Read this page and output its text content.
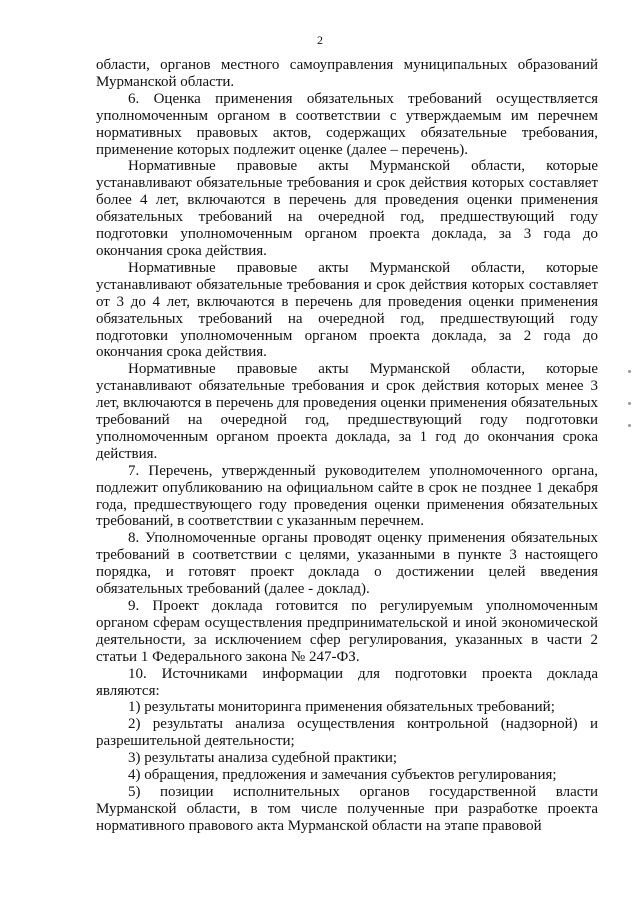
2

области, органов местного самоуправления муниципальных образований Мурманской области.

6. Оценка применения обязательных требований осуществляется уполномоченным органом в соответствии с утверждаемым им перечнем нормативных правовых актов, содержащих обязательные требования, применение которых подлежит оценке (далее – перечень).

Нормативные правовые акты Мурманской области, которые устанавливают обязательные требования и срок действия которых составляет более 4 лет, включаются в перечень для проведения оценки применения обязательных требований на очередной год, предшествующий году подготовки уполномоченным органом проекта доклада, за 3 года до окончания срока действия.

Нормативные правовые акты Мурманской области, которые устанавливают обязательные требования и срок действия которых составляет от 3 до 4 лет, включаются в перечень для проведения оценки применения обязательных требований на очередной год, предшествующий году подготовки уполномоченным органом проекта доклада, за 2 года до окончания срока действия.

Нормативные правовые акты Мурманской области, которые устанавливают обязательные требования и срок действия которых менее 3 лет, включаются в перечень для проведения оценки применения обязательных требований на очередной год, предшествующий году подготовки уполномоченным органом проекта доклада, за 1 год до окончания срока действия.

7. Перечень, утвержденный руководителем уполномоченного органа, подлежит опубликованию на официальном сайте в срок не позднее 1 декабря года, предшествующего году проведения оценки применения обязательных требований, в соответствии с указанным перечнем.

8. Уполномоченные органы проводят оценку применения обязательных требований в соответствии с целями, указанными в пункте 3 настоящего порядка, и готовят проект доклада о достижении целей введения обязательных требований (далее - доклад).

9. Проект доклада готовится по регулируемым уполномоченным органом сферам осуществления предпринимательской и иной экономической деятельности, за исключением сфер регулирования, указанных в части 2 статьи 1 Федерального закона № 247-ФЗ.

10. Источниками информации для подготовки проекта доклада являются:

1) результаты мониторинга применения обязательных требований;

2) результаты анализа осуществления контрольной (надзорной) и разрешительной деятельности;

3) результаты анализа судебной практики;

4) обращения, предложения и замечания субъектов регулирования;

5) позиции исполнительных органов государственной власти Мурманской области, в том числе полученные при разработке проекта нормативного правового акта Мурманской области на этапе правовой
